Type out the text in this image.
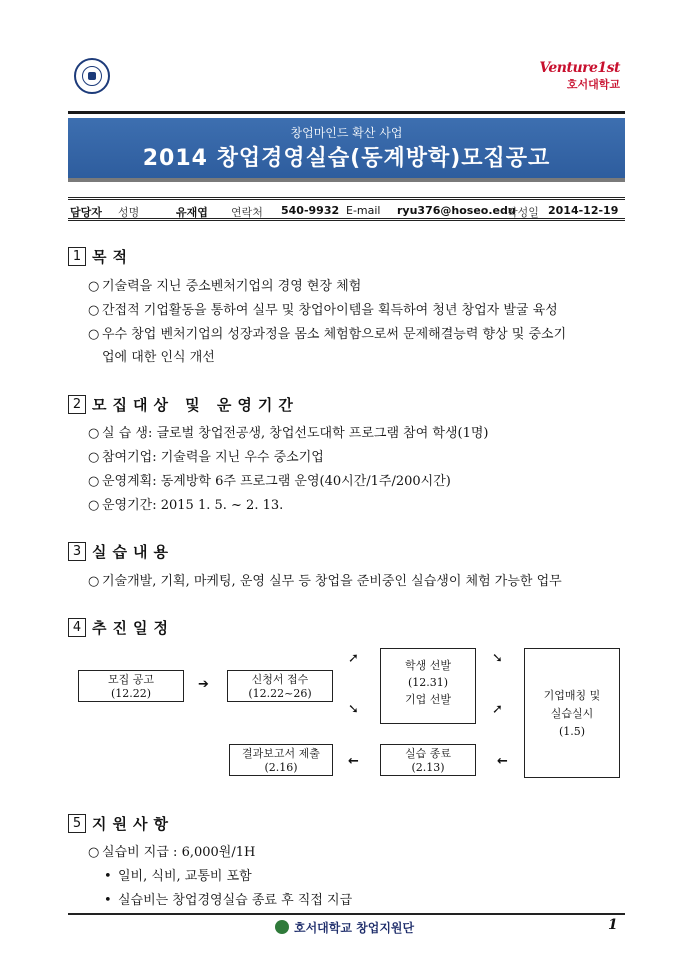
Venture1st
호서대학교
창업마인드 확산 사업
2014 창업경영실습(동계방학)모집공고
담당자 성명	유재엽 연락처 540-9932 E-mail ryu376@hoseo.edu
작성일 2014-12-19
1 목적
○ 기술력을 지닌 중소벤처기업의 경영 현장 체험
○ 간접적 기업활동을 통하여 실무 및 창업아이템을 획득하여 청년 창업자 발굴 육성
○ 우수 창업 벤처기업의 성장과정을 몸소 체험함으로써 문제해결능력 향상 및 중소기
업에 대한 인식 개선
2 모집대상 및 운영기간
○ 실 습 생: 글로벌 창업전공생, 창업선도대학 프로그램 참여 학생(1명)
○ 참여기업: 기술력을 지닌 우수 중소기업
○ 운영계획: 동계방학 6주 프로그램 운영(40시간/1주/200시간)
○ 운영기간: 2015 1. 5. ~ 2. 13.
3 실습내용
○ 기술개발, 기획, 마케팅, 운영 실무 등 창업을 준비중인 실습생이 체험 가능한 업무
4 추진일정
모집 공고
(12.22)
➔	신청서 접수
(12.22~26)
➚
➘
학생 선발
(12.31)
기업 선발
➘
➚
기업매칭 및
실습실시
(1.5)
←
실습 종료
(2.13)
←
결과보고서 제출
(2.16)
5 지원사항
○ 실습비 지급 : 6,000원/1H
• 일비, 식비, 교통비 포함
• 실습비는 창업경영실습 종료 후 직접 지급
호서대학교 창업지원단	1
